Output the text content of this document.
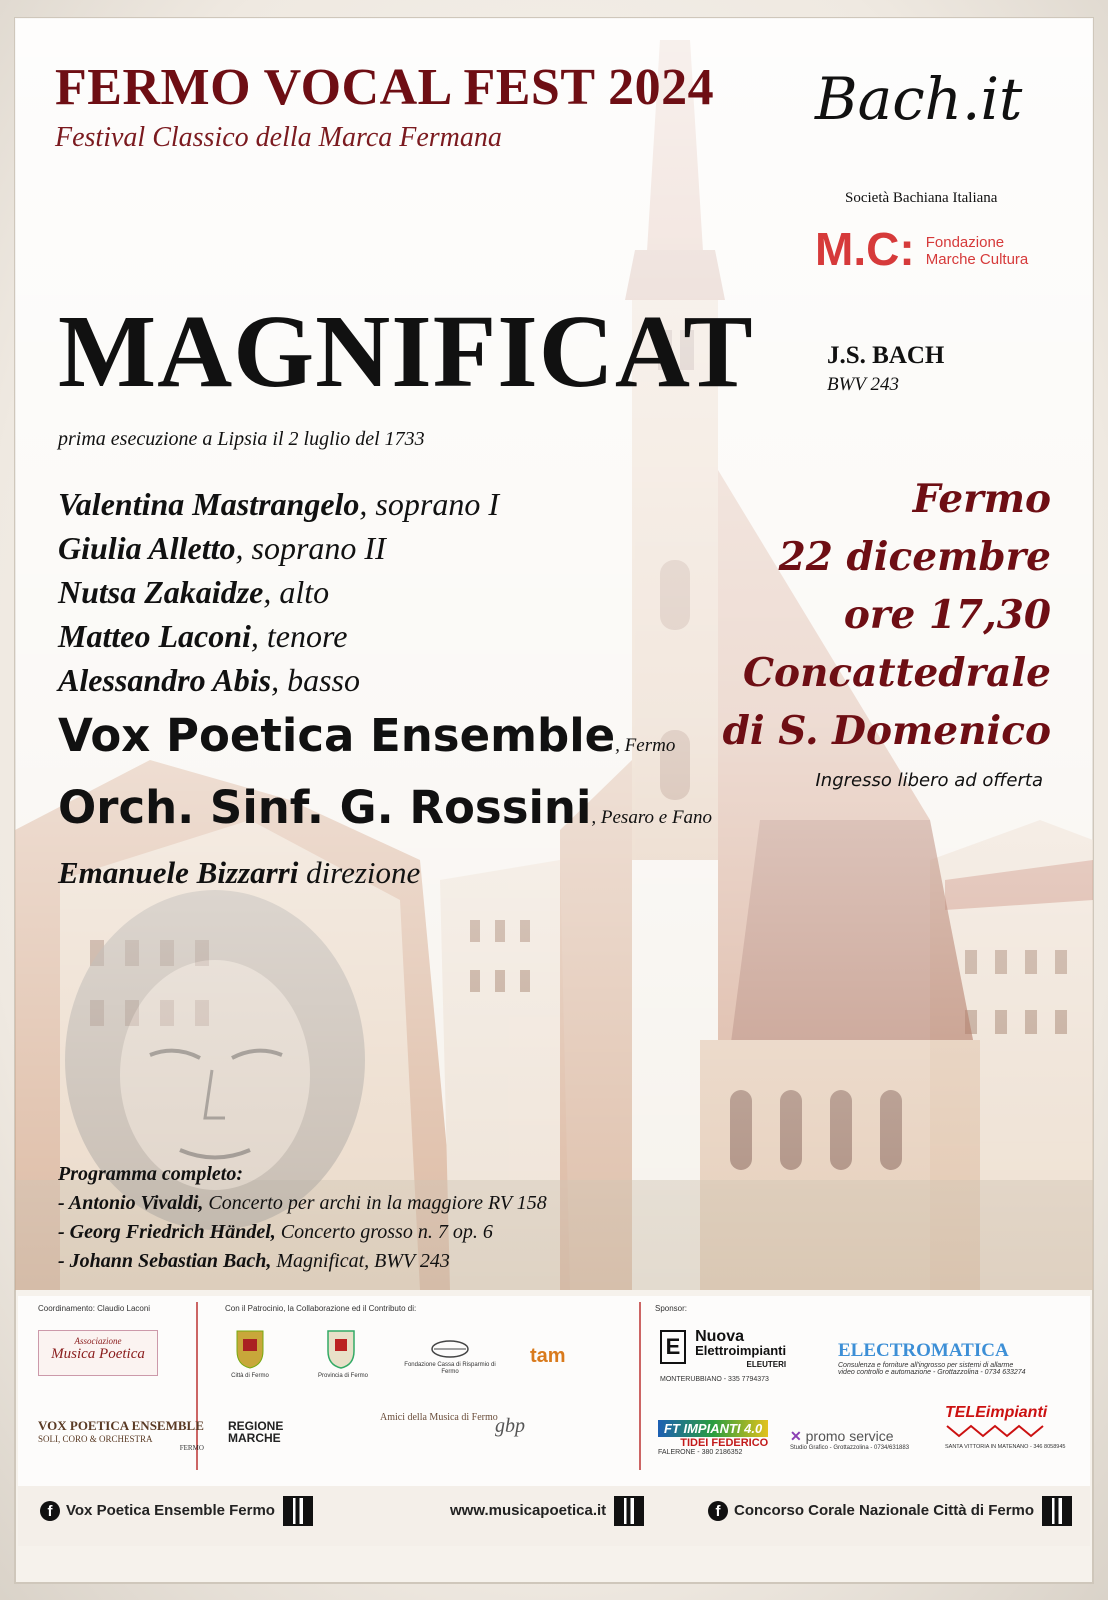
FERMO VOCAL FEST 2024
Festival Classico della Marca Fermana
Bach.it
Società Bachiana Italiana
M.C: Fondazione
Marche Cultura
MAGNIFICAT	J.S. BACH
BWV 243
prima esecuzione a Lipsia il 2 luglio del 1733
Valentina Mastrangelo, soprano I
Giulia Alletto, soprano II
Nutsa Zakaidze, alto
Matteo Laconi, tenore
Alessandro Abis, basso
Vox Poetica Ensemble, Fermo
Orch. Sinf. G. Rossini, Pesaro e Fano
Emanuele Bizzarri direzione
Fermo
22 dicembre
ore 17,30
Concattedrale
di S. Domenico
Ingresso libero ad offerta
Programma completo:
- Antonio Vivaldi, Concerto per archi in la maggiore RV 158
- Georg Friedrich Händel, Concerto grosso n. 7 op. 6
- Johann Sebastian Bach, Magnificat, BWV 243
Coordinamento: Claudio Laconi	Con il Patrocinio, la Collaborazione ed il Contributo di:	Sponsor:
Associazione
Musica Poetica
VOX POETICA ENSEMBLE
SOLI, CORO & ORCHESTRA
FERMO
Città di Fermo	Provincia di Fermo
Fondazione Cassa di Risparmio di Fermo
tam
REGIONE
MARCHE
Amici della Musica di Fermo
gbp
E Nuova
Elettroimpianti
ELEUTERI
MONTERUBBIANO - 335 7794373
ELECTROMATICA
Consulenza e forniture all'ingrosso per sistemi di allarme
video controllo e automazione - Grottazzolina - 0734 633274
FT IMPIANTI 4.0
TIDEI FEDERICO
FALERONE - 380 2186352
✕ promo service
Studio Grafico - Grottazzolina - 0734/631883
TELEimpianti
SANTA VITTORIA IN MATENANO - 346 8058945
f Vox Poetica Ensemble Fermo	www.musicapoetica.it	f Concorso Corale Nazionale Città di Fermo
